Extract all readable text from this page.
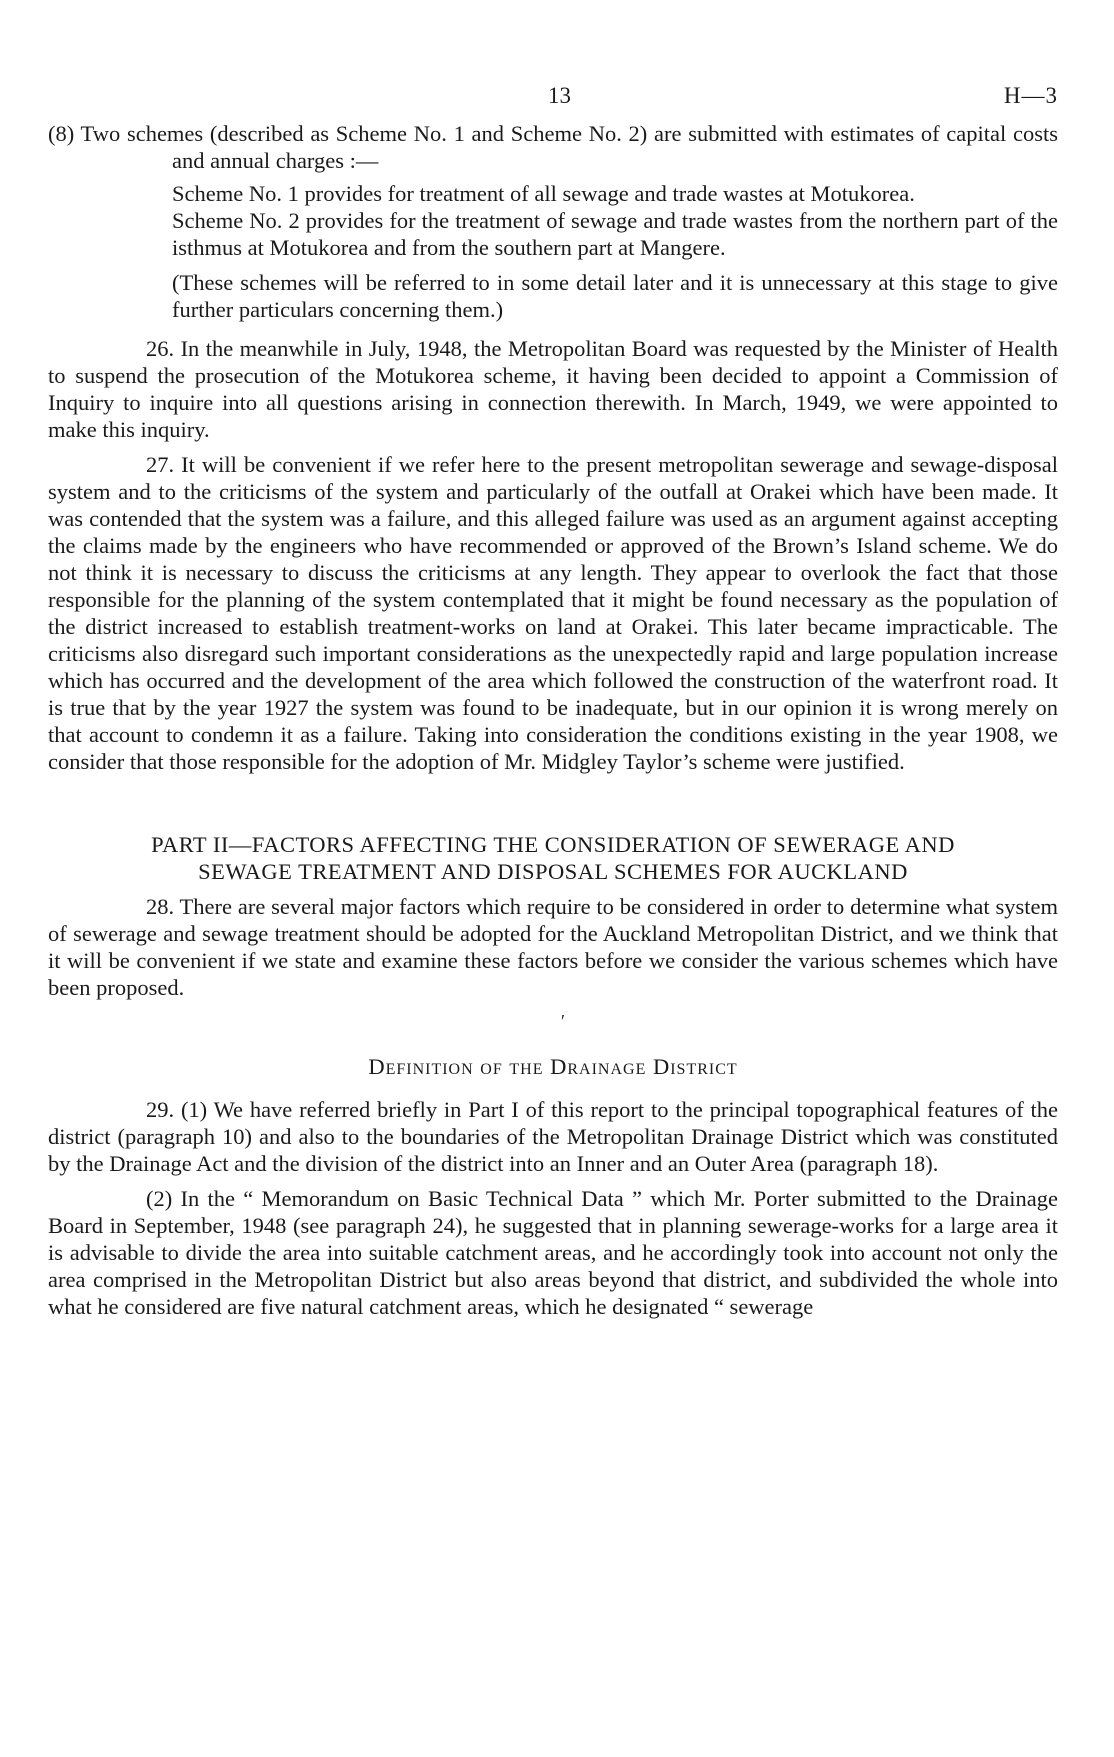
13	H—3

(8) Two schemes (described as Scheme No. 1 and Scheme No. 2) are submitted with estimates of capital costs and annual charges :—

Scheme No. 1 provides for treatment of all sewage and trade wastes at Motukorea.

Scheme No. 2 provides for the treatment of sewage and trade wastes from the northern part of the isthmus at Motukorea and from the southern part at Mangere.

(These schemes will be referred to in some detail later and it is unnecessary at this stage to give further particulars concerning them.)

26. In the meanwhile in July, 1948, the Metropolitan Board was requested by the Minister of Health to suspend the prosecution of the Motukorea scheme, it having been decided to appoint a Commission of Inquiry to inquire into all questions arising in connection therewith. In March, 1949, we were appointed to make this inquiry.

27. It will be convenient if we refer here to the present metropolitan sewerage and sewage-disposal system and to the criticisms of the system and particularly of the outfall at Orakei which have been made. It was contended that the system was a failure, and this alleged failure was used as an argument against accepting the claims made by the engineers who have recommended or approved of the Brown’s Island scheme. We do not think it is necessary to discuss the criticisms at any length. They appear to overlook the fact that those responsible for the planning of the system contemplated that it might be found necessary as the population of the district increased to establish treatment-works on land at Orakei. This later became impracticable. The criticisms also disregard such important considerations as the unexpectedly rapid and large population increase which has occurred and the development of the area which followed the construction of the waterfront road. It is true that by the year 1927 the system was found to be inadequate, but in our opinion it is wrong merely on that account to condemn it as a failure. Taking into consideration the conditions existing in the year 1908, we consider that those responsible for the adoption of Mr. Midgley Taylor’s scheme were justified.

PART II—FACTORS AFFECTING THE CONSIDERATION OF SEWERAGE AND
SEWAGE TREATMENT AND DISPOSAL SCHEMES FOR AUCKLAND

28. There are several major factors which require to be considered in order to determine what system of sewerage and sewage treatment should be adopted for the Auckland Metropolitan District, and we think that it will be convenient if we state and examine these factors before we consider the various schemes which have been proposed.

′
Definition of the Drainage District

29. (1) We have referred briefly in Part I of this report to the principal topographical features of the district (paragraph 10) and also to the boundaries of the Metropolitan Drainage District which was constituted by the Drainage Act and the division of the district into an Inner and an Outer Area (paragraph 18).

(2) In the “ Memorandum on Basic Technical Data ” which Mr. Porter submitted to the Drainage Board in September, 1948 (see paragraph 24), he suggested that in planning sewerage-works for a large area it is advisable to divide the area into suitable catchment areas, and he accordingly took into account not only the area comprised in the Metropolitan District but also areas beyond that district, and subdivided the whole into what he considered are five natural catchment areas, which he designated “ sewerage
